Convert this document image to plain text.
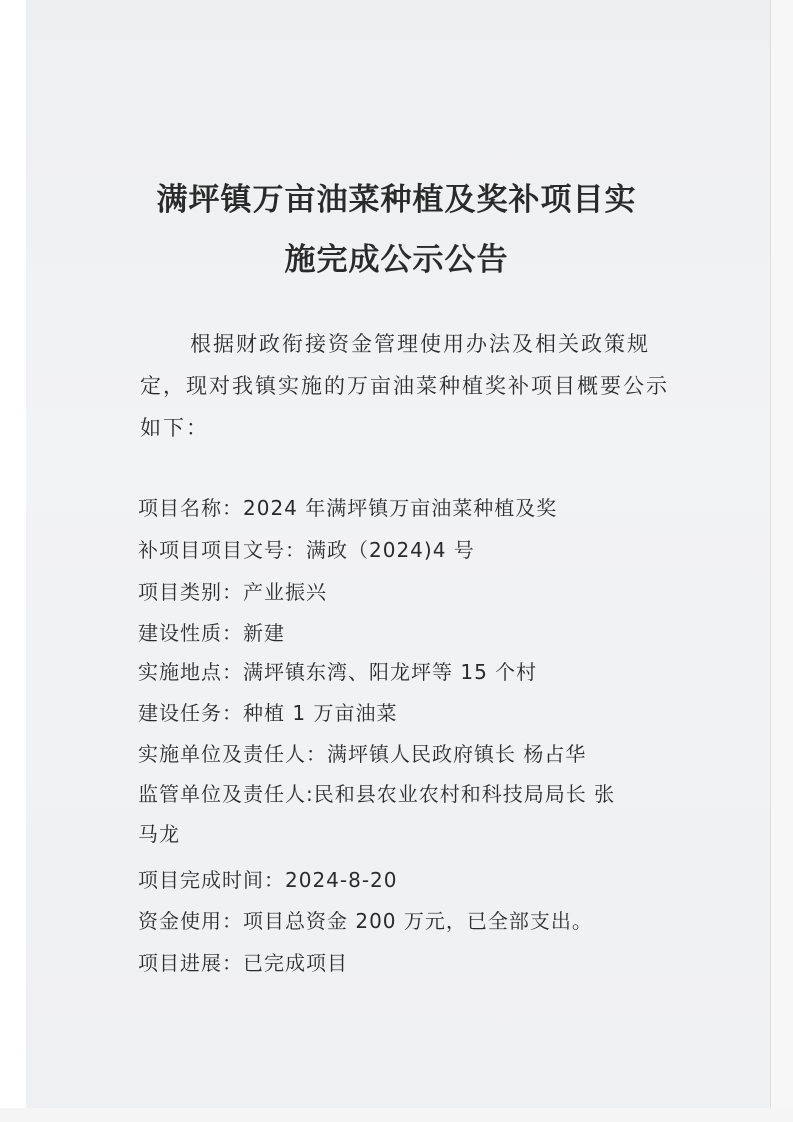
满坪镇万亩油菜种植及奖补项目实
施完成公示公告
根据财政衔接资金管理使用办法及相关政策规
定，现对我镇实施的万亩油菜种植奖补项目概要公示
如下：
项目名称：2024 年满坪镇万亩油菜种植及奖
补项目项目文号：满政（2024)4 号
项目类别：产业振兴
建设性质：新建
实施地点：满坪镇东湾、阳龙坪等 15 个村
建设任务：种植 1 万亩油菜
实施单位及责任人：满坪镇人民政府镇长 杨占华
监管单位及责任人:民和县农业农村和科技局局长 张
马龙
项目完成时间：2024-8-20
资金使用：项目总资金 200 万元，已全部支出。
项目进展：已完成项目
